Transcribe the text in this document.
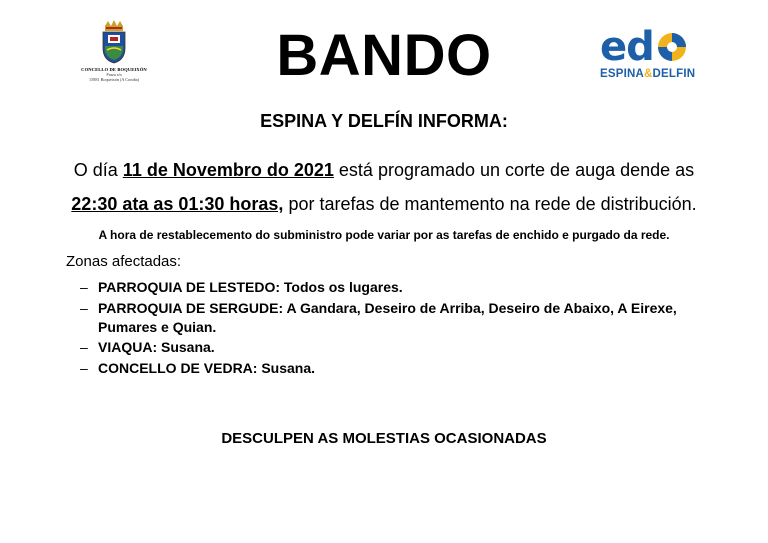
CONCELLO DE BOQUEIXÓN
Praza s/n
15881 Boqueixón (A Coruña)	BANDO	ed
ESPINA&DELFIN
ESPINA Y DELFÍN INFORMA:
O día 11 de Novembro do 2021 está programado un corte de auga dende as
22:30 ata as 01:30 horas, por tarefas de mantemento na rede de distribución.
A hora de restablecemento do subministro pode variar por as tarefas de enchido e purgado da rede.
Zonas afectadas:
– PARROQUIA DE LESTEDO: Todos os lugares.
– PARROQUIA DE SERGUDE: A Gandara, Deseiro de Arriba, Deseiro de Abaixo, A Eirexe, Pumares e Quian.
– VIAQUA: Susana.
– CONCELLO DE VEDRA: Susana.
DESCULPEN AS MOLESTIAS OCASIONADAS
